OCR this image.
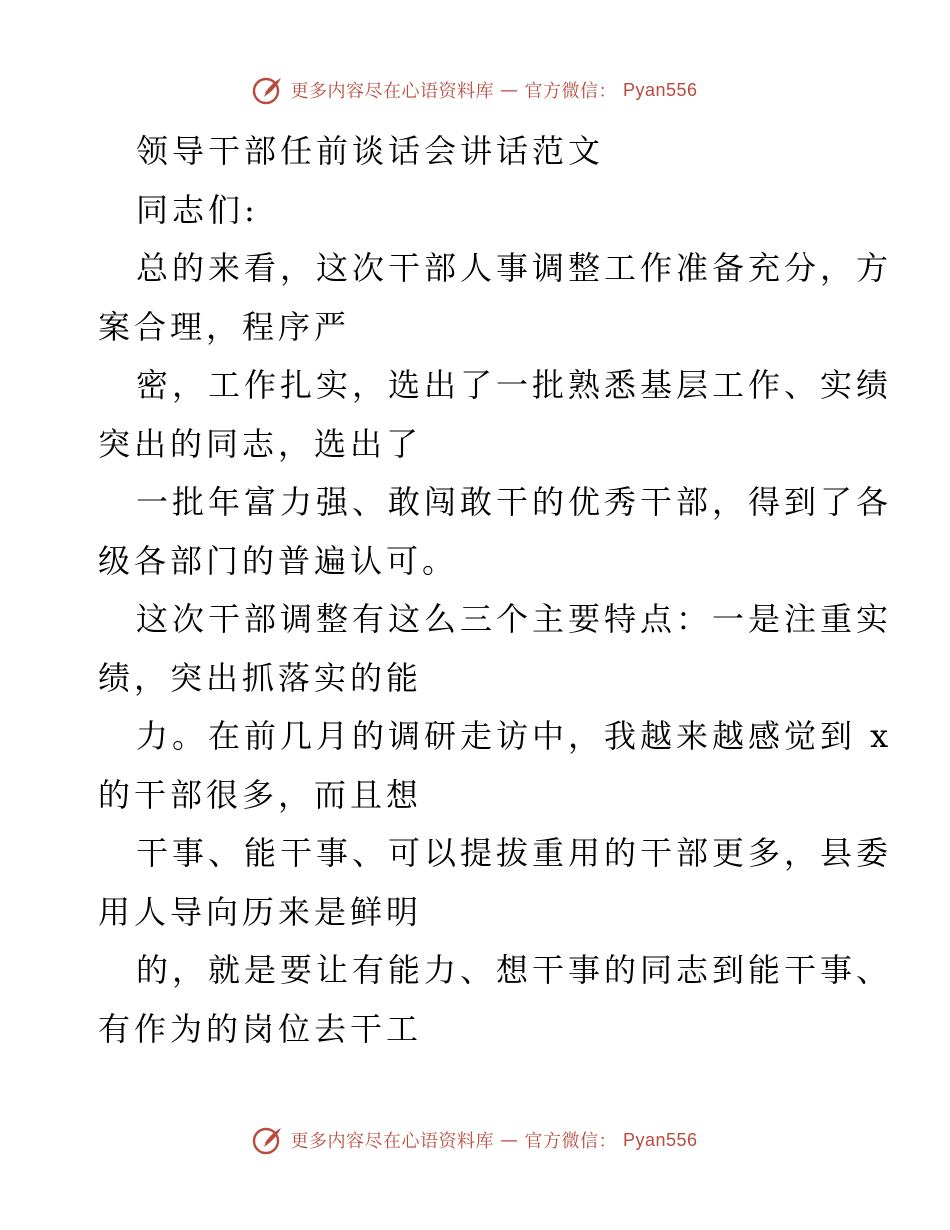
更多内容尽在心语资料库 — 官方微信： Pyan556
领导干部任前谈话会讲话范文
同志们:
总的来看，这次干部人事调整工作准备充分，方
案合理，程序严
密，工作扎实，选出了一批熟悉基层工作、实绩
突出的同志，选出了
一批年富力强、敢闯敢干的优秀干部，得到了各
级各部门的普遍认可。
这次干部调整有这么三个主要特点：一是注重实
绩，突出抓落实的能
力。在前几月的调研走访中，我越来越感觉到 x
的干部很多，而且想
干事、能干事、可以提拔重用的干部更多，县委
用人导向历来是鲜明
的，就是要让有能力、想干事的同志到能干事、
有作为的岗位去干工
更多内容尽在心语资料库 — 官方微信： Pyan556
